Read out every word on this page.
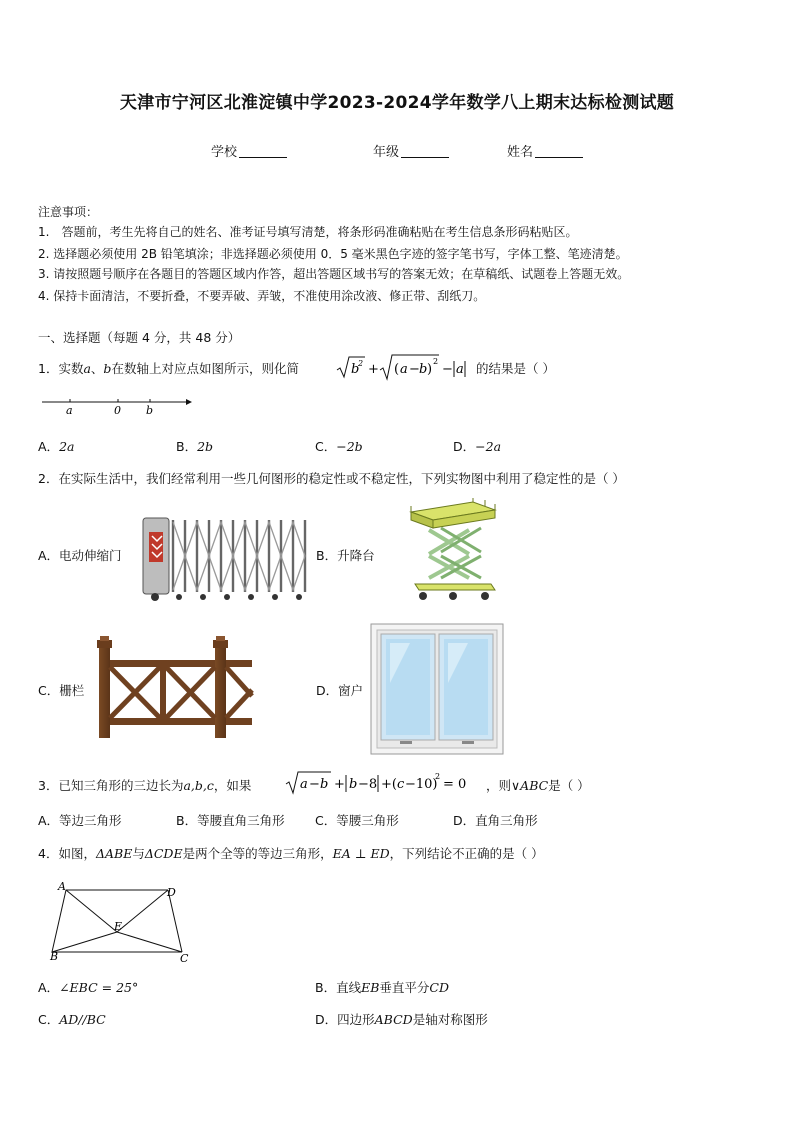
天津市宁河区北淮淀镇中学2023-2024学年数学八上期末达标检测试题
学校	年级	姓名
注意事项：
1.　答题前，考生先将自己的姓名、准考证号填写清楚，将条形码准确粘贴在考生信息条形码粘贴区。
2. 选择题必须使用 2B 铅笔填涂；非选择题必须使用 0．5 毫米黑色字迹的签字笔书写，字体工整、笔迹清楚。
3. 请按照题号顺序在各题目的答题区域内作答，超出答题区域书写的答案无效；在草稿纸、试题卷上答题无效。
4. 保持卡面清洁，不要折叠，不要弄破、弄皱，不准使用涂改液、修正带、刮纸刀。
一、选择题（每题 4 分，共 48 分）
1．实数a、b在数轴上对应点如图所示，则化简	b
2 + ( a − b )
2
− a 的结果是（ ）
a	0 b
A．2a	B．2b	C．−2b	D．−2a
2．在实际生活中，我们经常利用一些几何图形的稳定性或不稳定性，下列实物图中利用了稳定性的是（ ）
A．电动伸缩门	B．升降台
C．栅栏	D．窗户
3．已知三角形的三边长为a,b,c，如果	a − b + b −8 +( c −10)
2
= 0 ，则∨ABC是（ ）
A．等边三角形	B．等腰直角三角形 C．等腰三角形	D．直角三角形
4．如图，ΔABE与ΔCDE是两个全等的等边三角形，EA ⊥ ED，下列结论不正确的是（ ）
A	D
B	C
E
A．∠EBC = 25°	B．直线EB垂直平分CD
C．AD//BC	D．四边形ABCD是轴对称图形
